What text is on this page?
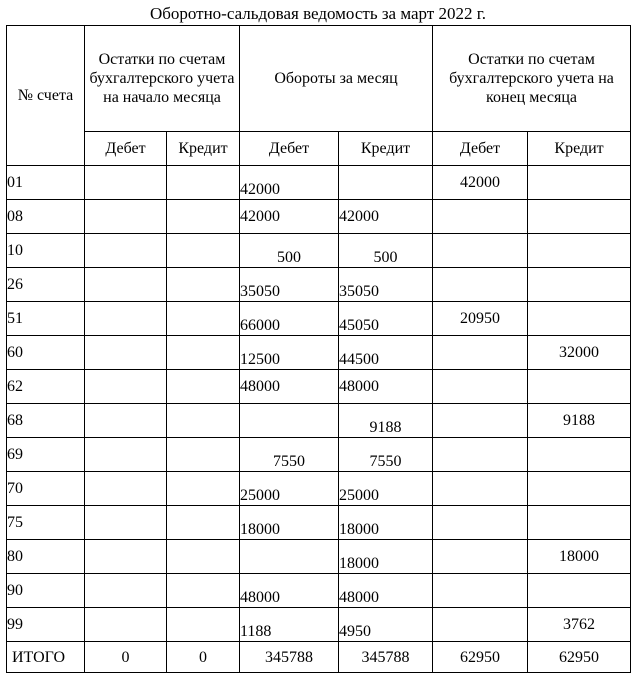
Оборотно-сальдовая ведомость за март 2022 г.
№ счета	Остатки по счетам бухгалтерского учета на начало месяца		Обороты за месяц		Остатки по счетам бухгалтерского учета на конец месяца	
	Дебет	Кредит	Дебет	Кредит	Дебет	Кредит
01			42000		42000	
08			42000	42000		
10			500	500		
26			35050	35050		
51			66000	45050	20950	
60			12500	44500		32000
62			48000	48000		
68				9188		9188
69			7550	7550		
70			25000	25000		
75			18000	18000		
80				18000		18000
90			48000	48000		
99			1188	4950		3762
ИТОГО	0	0	345788	345788	62950	62950
